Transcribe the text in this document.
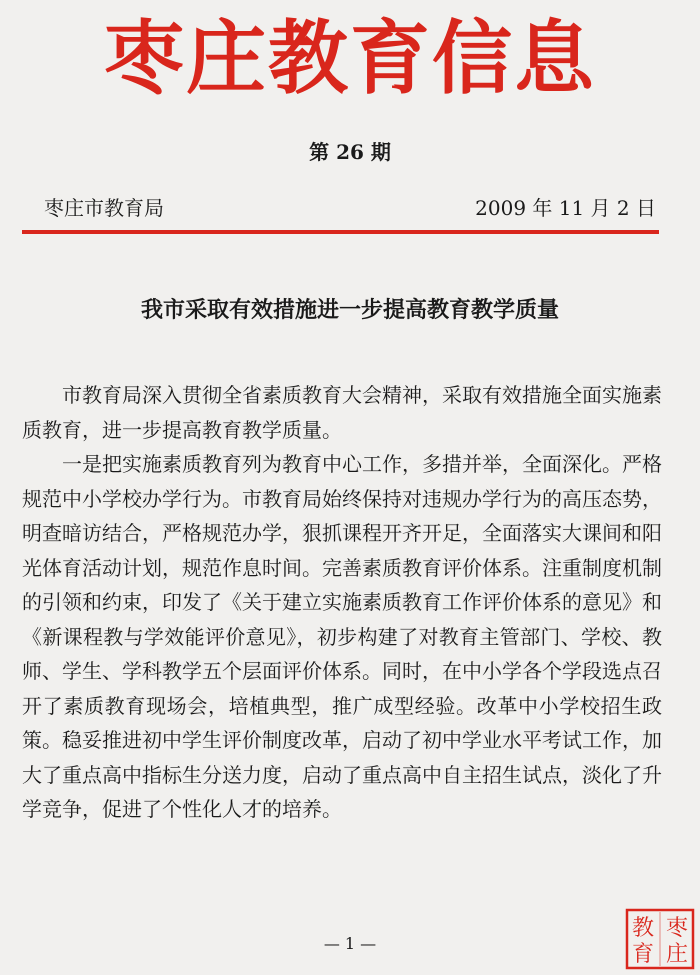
枣庄教育信息
第 26 期
枣庄市教育局	2009 年 11 月 2 日
我市采取有效措施进一步提高教育教学质量

市教育局深入贯彻全省素质教育大会精神，采取有效措施全面实施素质教育，进一步提高教育教学质量。

一是把实施素质教育列为教育中心工作，多措并举，全面深化。严格规范中小学校办学行为。市教育局始终保持对违规办学行为的高压态势，明查暗访结合，严格规范办学，狠抓课程开齐开足，全面落实大课间和阳光体育活动计划，规范作息时间。完善素质教育评价体系。注重制度机制的引领和约束，印发了《关于建立实施素质教育工作评价体系的意见》和《新课程教与学效能评价意见》，初步构建了对教育主管部门、学校、教师、学生、学科教学五个层面评价体系。同时，在中小学各个学段选点召开了素质教育现场会，培植典型，推广成型经验。改革中小学校招生政策。稳妥推进初中学生评价制度改革，启动了初中学业水平考试工作，加大了重点高中指标生分送力度，启动了重点高中自主招生试点，淡化了升学竞争，促进了个性化人才的培养。

— 1 —
枣
庄
教
育
